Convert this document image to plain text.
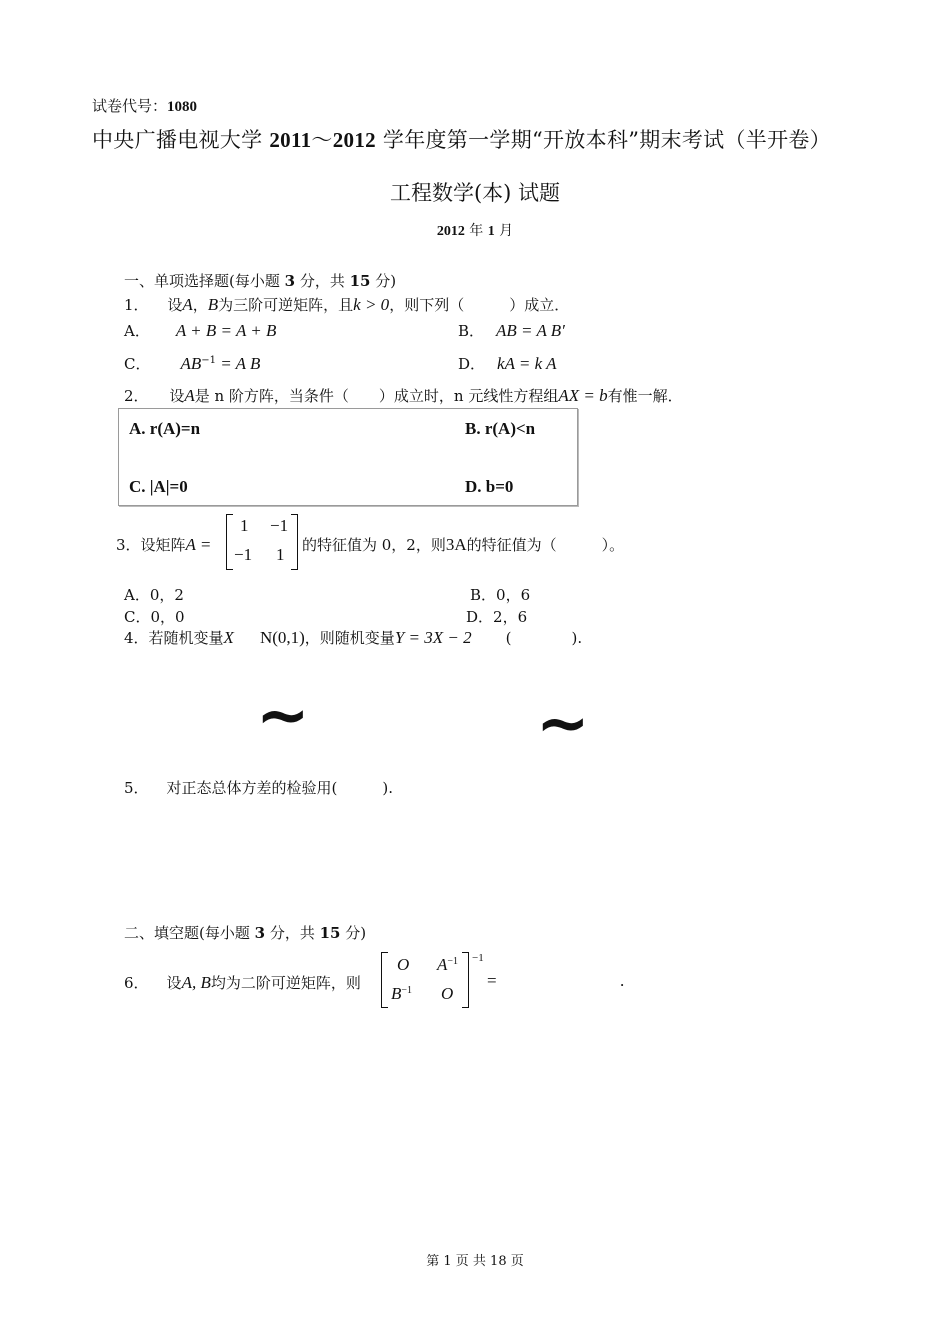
试卷代号：1080
中央广播电视大学 2011～2012 学年度第一学期“开放本科”期末考试（半开卷）
工程数学(本) 试题
2012 年 1 月
一、单项选择题(每小题 3 分，共 15 分)
1． 设A，B为三阶可逆矩阵，且k > 0，则下列（　　　）成立．
A． A + B = A + B	B． AB = A B′
C． $AB^{-1} = A$ B	D． kA = k A
2． 设A是 n 阶方阵，当条件（　　）成立时，n 元线性方程组AX = b有惟一解．
A. r(A)=n	B. r(A)<n
C. |A|=0	D. b=0
3．设矩阵A =
1 −1
−1 1 的特征值为 0，2，则3A的特征值为（　　　）。
A．0，2	B．0，6
C．0，0	D．2，6
4．若随机变量X N(0,1)，则随机变量Y = 3X − 2 (　　　　).
~	~
5． 对正态总体方差的检验用(　　　).
二、填空题(每小题 3 分，共 15 分)
6． 设A, B均为二阶可逆矩阵，则
O $A^{-1}$
$B^{-1}$ O
−1
=	.
第 1 页 共 18 页
